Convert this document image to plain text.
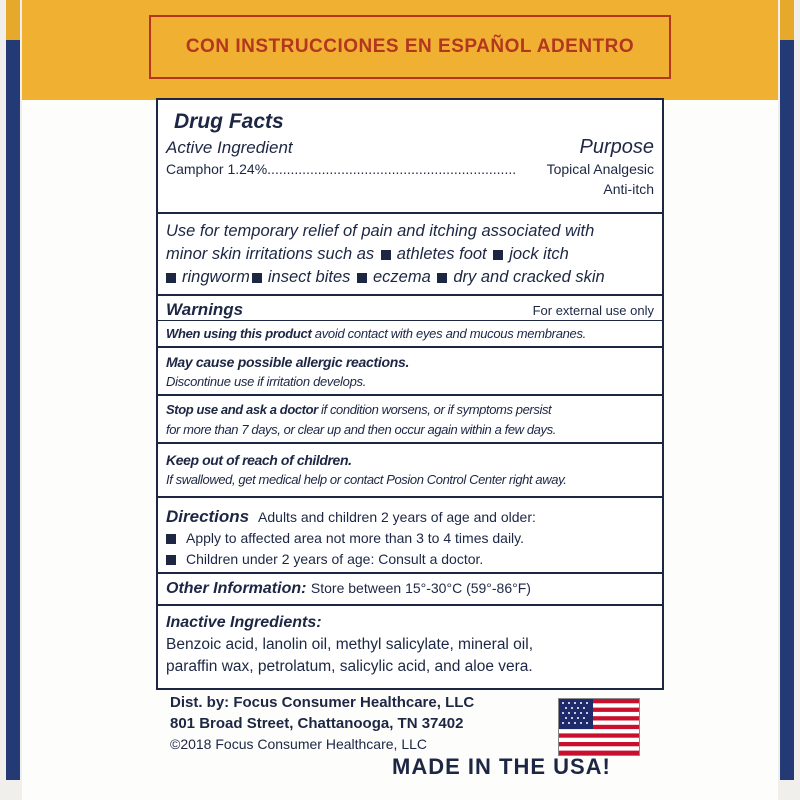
CON INSTRUCCIONES EN ESPAÑOL ADENTRO
Drug Facts
Active Ingredient	Purpose
Camphor 1.24%................................................................	Topical Analgesic
Anti-itch
Use for temporary relief of pain and itching associated with
minor skin irritations such as athletes foot jock itch
ringworm insect bites eczema dry and cracked skin
Warnings	For external use only
When using this product avoid contact with eyes and mucous membranes.
May cause possible allergic reactions.
Discontinue use if irritation develops.
Stop use and ask a doctor if condition worsens, or if symptoms persist
for more than 7 days, or clear up and then occur again within a few days.
Keep out of reach of children.
If swallowed, get medical help or contact Posion Control Center right away.
Directions Adults and children 2 years of age and older:
Apply to affected area not more than 3 to 4 times daily.
Children under 2 years of age: Consult a doctor.
Other Information: Store between 15°-30°C (59°-86°F)
Inactive Ingredients:
Benzoic acid, lanolin oil, methyl salicylate, mineral oil,
paraffin wax, petrolatum, salicylic acid, and aloe vera.
Dist. by: Focus Consumer Healthcare, LLC
801 Broad Street, Chattanooga, TN 37402
©2018 Focus Consumer Healthcare, LLC
MADE IN THE USA!
